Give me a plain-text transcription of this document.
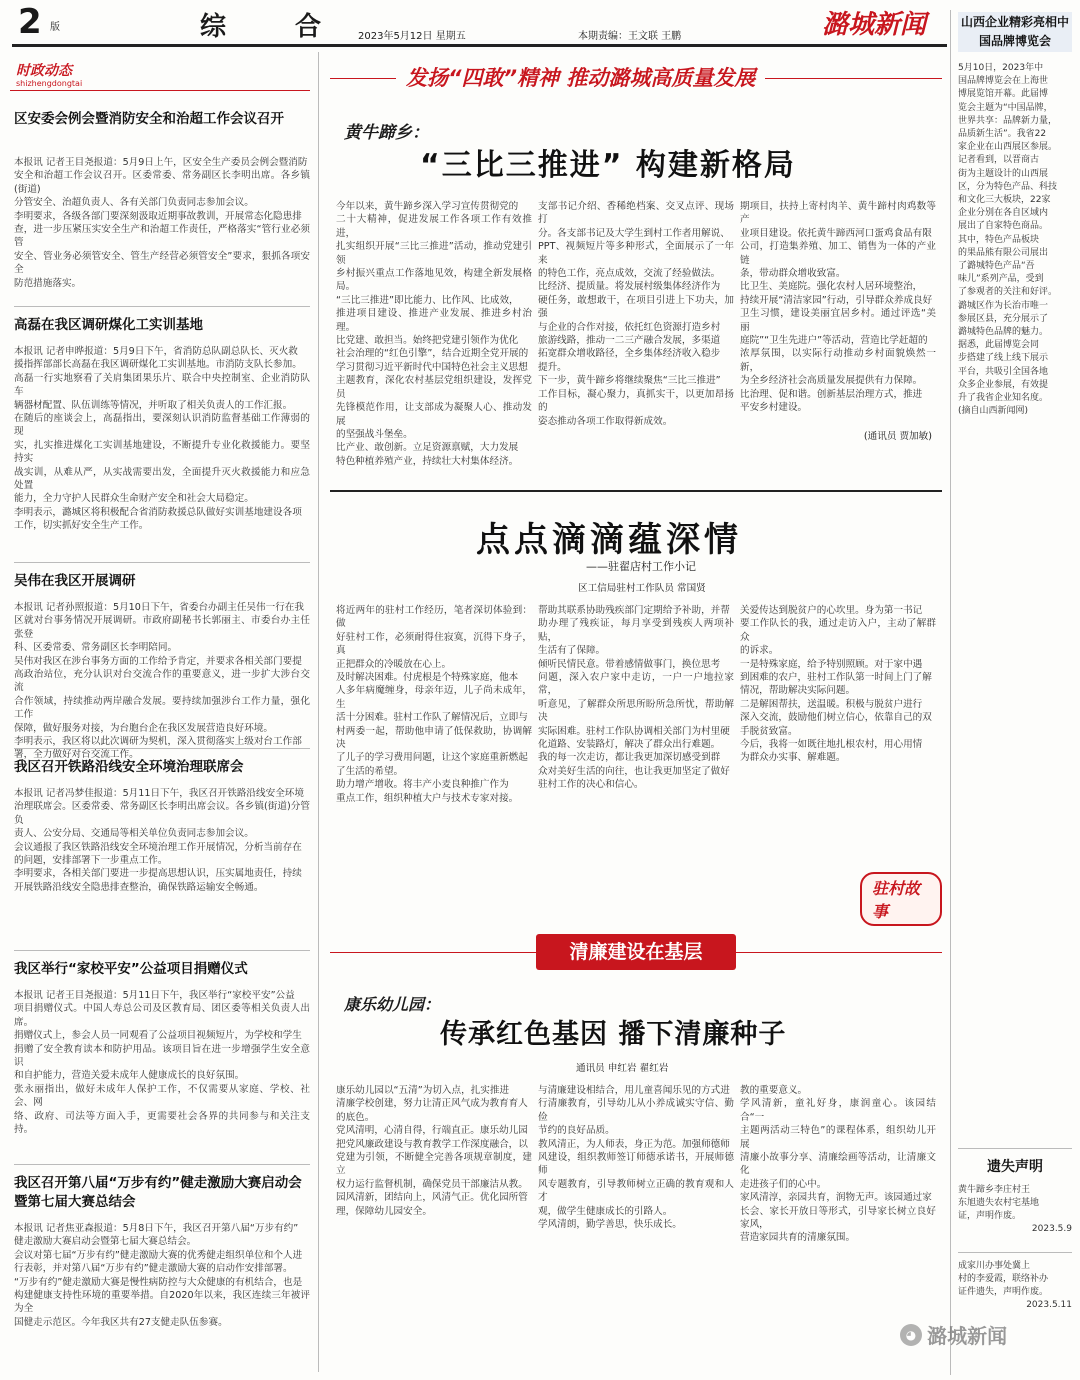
2 版	综 合 2023年5月12日 星期五	本期责编：王文联 王鹏	潞城新闻
时政动态
shizhengdongtai
区安委会例会暨消防安全和治超工作会议召开
本报讯 记者王目尧报道：5月9日上午，区安全生产委员会例会暨消防
安全和治超工作会议召开。区委常委、常务副区长李明出席。各乡镇(街道)
分管安全、治超负责人、各有关部门负责同志参加会议。
李明要求，各级各部门要深刻汲取近期事故教训，开展常态化隐患排
查，进一步压紧压实安全生产和治超工作责任，严格落实“管行业必须管
安全、管业务必须管安全、管生产经营必须管安全”要求，狠抓各项安全
防范措施落实。
高磊在我区调研煤化工实训基地
本报讯 记者申晔报道：5月9日下午，省消防总队副总队长、灭火救
援指挥部部长高磊在我区调研煤化工实训基地。市消防支队长参加。
高磊一行实地察看了关肩集团果乐片、联合中央控制室、企业消防队车
辆器材配置、队伍训练等情况，并听取了相关负责人的工作汇报。
在随后的座谈会上，高磊指出，要深刻认识消防监督基础工作薄弱的现
实，扎实推进煤化工实训基地建设，不断提升专业化救援能力。要坚持实
战实训，从难从严，从实战需要出发，全面提升灭火救援能力和应急处置
能力，全力守护人民群众生命财产安全和社会大局稳定。
李明表示，潞城区将积极配合省消防救援总队做好实训基地建设各项
工作，切实抓好安全生产工作。
吴伟在我区开展调研
本报讯 记者孙照报道：5月10日下午，省委台办副主任吴伟一行在我
区就对台事务情况开展调研。市政府副秘书长郭丽主、市委台办主任张登
科、区委常委、常务副区长李明陪同。
吴伟对我区在涉台事务方面的工作给予肯定，并要求各相关部门要提
高政治站位，充分认识对台交流合作的重要意义，进一步扩大涉台交流
合作领域，持续推动两岸融合发展。要持续加强涉台工作力量，强化工作
保障，做好服务对接，为台胞台企在我区发展营造良好环境。
李明表示，我区将以此次调研为契机，深入贯彻落实上级对台工作部
署，全力做好对台交流工作。
我区召开铁路沿线安全环境治理联席会
本报讯 记者冯梦佳报道：5月11日下午，我区召开铁路沿线安全环境
治理联席会。区委常委、常务副区长李明出席会议。各乡镇(街道)分管负
责人、公安分局、交通局等相关单位负责同志参加会议。
会议通报了我区铁路沿线安全环境治理工作开展情况，分析当前存在
的问题，安排部署下一步重点工作。
李明要求，各相关部门要进一步提高思想认识，压实属地责任，持续
开展铁路沿线安全隐患排查整治，确保铁路运输安全畅通。
我区举行“家校平安”公益项目捐赠仪式
本报讯 记者王目尧报道：5月11日下午，我区举行“家校平安”公益
项目捐赠仪式。中国人寿总公司及区教育局、团区委等相关负责人出席。
捐赠仪式上，参会人员一同观看了公益项目视频短片，为学校和学生
捐赠了安全教育读本和防护用品。该项目旨在进一步增强学生安全意识
和自护能力，营造关爱未成年人健康成长的良好氛围。
张永丽指出，做好未成年人保护工作，不仅需要从家庭、学校、社会、网
络、政府、司法等方面入手，更需要社会各界的共同参与和关注支持。
我区召开第八届“万步有约”健走激励大赛启动会暨第七届大赛总结会
本报讯 记者焦亚森报道：5月8日下午，我区召开第八届“万步有约”
健走激励大赛启动会暨第七届大赛总结会。
会议对第七届“万步有约”健走激励大赛的优秀健走组织单位和个人进
行表彰，并对第八届“万步有约”健走激励大赛的启动作安排部署。
“万步有约”健走激励大赛是慢性病防控与大众健康的有机结合，也是
构建健康支持性环境的重要举措。自2020年以来，我区连续三年被评为全
国健走示范区。今年我区共有27支健走队伍参赛。
发扬“四敢”精神 推动潞城高质量发展
黄牛蹄乡：
“三比三推进” 构建新格局
今年以来，黄牛蹄乡深入学习宣传贯彻党的
二十大精神，促进发展工作各项工作有效推进，
扎实组织开展“三比三推进”活动，推动党建引领
乡村振兴重点工作落地见效，构建全新发展格局。
“三比三推进”即比能力、比作风、比成效，
推进项目建设、推进产业发展、推进乡村治理。
比党建、敢担当。始终把党建引领作为优化
社会治理的“红色引擎”，结合近期全党开展的
学习贯彻习近平新时代中国特色社会主义思想
主题教育，深化农村基层党组织建设，发挥党员
先锋模范作用，让支部成为凝聚人心、推动发展
的坚强战斗堡垒。
比产业、敢创新。立足资源禀赋，大力发展
特色种植养殖产业，持续壮大村集体经济。
支部书记介绍、香稀绝档案、交叉点评、现场打
分。各支部书记及大学生到村工作者用解说、
PPT、视频短片等多种形式，全面展示了一年来
的特色工作，亮点成效，交流了经验做法。
比经济、提质量。将发展村级集体经济作为
硬任务，敢想敢干，在项目引进上下功夫，加强
与企业的合作对接，依托红色资源打造乡村
旅游线路，推动一二三产融合发展，多渠道
拓宽群众增收路径，全乡集体经济收入稳步
提升。
下一步，黄牛蹄乡将继续聚焦“三比三推进”
工作目标，凝心聚力，真抓实干，以更加昂扬的
姿态推动各项工作取得新成效。
期项目，扶持上寄村肉羊、黄牛蹄村肉鸡数等产
业项目建设。依托黄牛蹄西河口蛋鸡食品有限
公司，打造集养殖、加工、销售为一体的产业链
条，带动群众增收致富。
比卫生、美庭院。强化农村人居环境整治，
持续开展“清洁家园”行动，引导群众养成良好
卫生习惯，建设美丽宜居乡村。通过评选“美丽
庭院”“卫生先进户”等活动，营造比学赶超的
浓厚氛围，以实际行动推动乡村面貌焕然一新，
为全乡经济社会高质量发展提供有力保障。
比治理、促和谐。创新基层治理方式，推进
平安乡村建设。
(通讯员 贾加敏)
点点滴滴蕴深情
——驻翟店村工作小记
区工信局驻村工作队员 常国贤
将近两年的驻村工作经历，笔者深切体验到：做
好驻村工作，必须耐得住寂寞，沉得下身子，真
正把群众的冷暖放在心上。
及时解决困难。付虎根是个特殊家庭，他本
人多年病魔缠身，母亲年迈，儿子尚未成年，生
活十分困难。驻村工作队了解情况后，立即与
村两委一起，帮助他申请了低保救助，协调解决
了儿子的学习费用问题，让这个家庭重新燃起
了生活的希望。
助力增产增收。将丰产小麦良种推广作为
重点工作，组织种植大户与技术专家对接。
帮助其联系协助残疾部门定期给予补助，并帮
助办理了残疾证，每月享受到残疾人两项补贴，
生活有了保障。
倾听民情民意。带着感情做事门，换位思考
问题，深入农户家中走访，一户一户地拉家常，
听意见，了解群众所思所盼所急所忧，帮助解决
实际困难。驻村工作队协调相关部门为村里硬
化道路、安装路灯，解决了群众出行难题。
我的每一次走访，都让我更加深切感受到群
众对美好生活的向往，也让我更加坚定了做好
驻村工作的决心和信心。
关爱传达到脱贫户的心坎里。身为第一书记
要工作队长的我，通过走访入户，主动了解群众
的诉求。
一是特殊家庭，给予特别照顾。对于家中遇
到困难的农户，驻村工作队第一时间上门了解
情况，帮助解决实际问题。
二是解困帮扶，送温暖。积极与脱贫户进行
深入交流，鼓励他们树立信心，依靠自己的双
手脱贫致富。
今后，我将一如既往地扎根农村，用心用情
为群众办实事、解难题。
驻村故事
清廉建设在基层
康乐幼儿园：
传承红色基因 播下清廉种子
通讯员 申红岩 翟红岩
康乐幼儿园以“五清”为切入点，扎实推进
清廉学校创建，努力让清正风气成为教育育人
的底色。
党风清明，心清自得，行端直正。康乐幼儿园
把党风廉政建设与教育教学工作深度融合，以
党建为引领，不断健全完善各项规章制度，建立
权力运行监督机制，确保党员干部廉洁从教。
园风清新，团结向上，风清气正。优化园所管
理，保障幼儿园安全。
与清廉建设相结合，用儿童喜闻乐见的方式进
行清廉教育，引导幼儿从小养成诚实守信、勤俭
节约的良好品质。
教风清正，为人师表，身正为范。加强师德师
风建设，组织教师签订师德承诺书，开展师德师
风专题教育，引导教师树立正确的教育观和人才
观，做学生健康成长的引路人。
学风清朗，勤学善思，快乐成长。
教的重要意义。
学风清新，童礼好身，康润童心。该园结合“一
主题两活动三特色”的课程体系，组织幼儿开展
清廉小故事分享、清廉绘画等活动，让清廉文化
走进孩子们的心中。
家风清淳，亲园共育，润物无声。该园通过家
长会、家长开放日等形式，引导家长树立良好家风，
营造家园共育的清廉氛围。
山西企业精彩亮相中国品牌博览会
5月10日，2023年中
国品牌博览会在上海世
博展览馆开幕。此届博
览会主题为“中国品牌，
世界共享：品牌新力量，
品质新生活”。我省22
家企业在山西展区参展。
记者看到，以晋商古
街为主题设计的山西展
区，分为特色产品、科技
和文化三大板块，22家
企业分别在各自区域内
展出了自家特色商品。
其中，特色产品板块
的果品熊有限公司展出
了潞城特色产品“吾
味儿”系列产品，受到
了参观者的关注和好评。
潞城区作为长治市唯一
参展区县，充分展示了
潞城特色品牌的魅力。
据悉，此届博览会同
步搭建了线上线下展示
平台，共吸引全国各地
众多企业参展，有效提
升了我省企业知名度。
(摘自山西新闻网)
遗失声明
黄牛蹄乡李庄村王
东旭遗失农村宅基地
证，声明作废。
2023.5.9
成家川办事处冀上
村的李爱霞，联络补办
证件遗失，声明作废。
2023.5.11
◕ 潞城新闻
